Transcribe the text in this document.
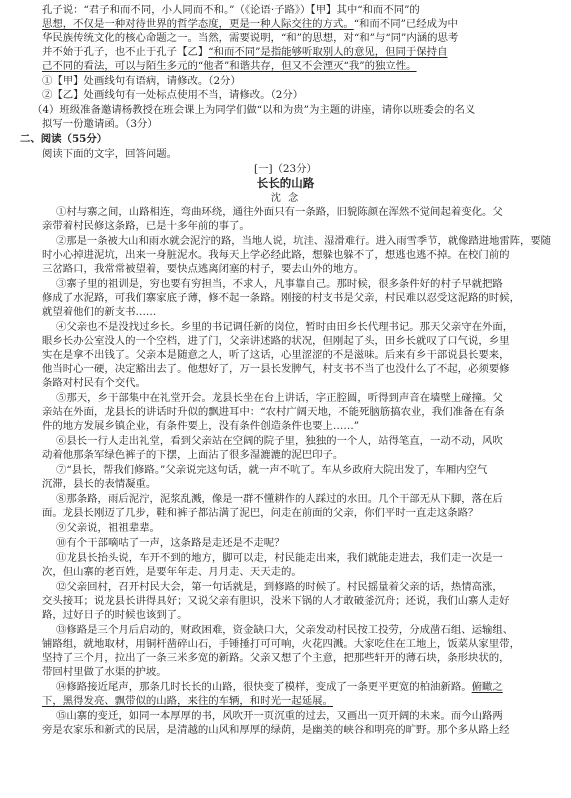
孔子说：“君子和而不同，小人同而不和。”（《论语·子路》）【甲】其中“和而不同”的
思想，不仅是一种对待世界的哲学态度，更是一种人际交往的方式。“和而不同”已经成为中
华民族传统文化的核心命题之一。当然，需要说明，“和”的思想，对“和”与“同”内涵的思考
并不始于孔子，也不止于孔子【乙】“和而不同”是指能够听取别人的意见，但同于保持自
己不同的看法，可以与陌生多元的“他者”和谐共存，但又不会湮灭“我”的独立性。
①【甲】处画线句有语病，请修改。（2分）
②【乙】处画线句有一处标点使用不当，请修改。（2分）
（4）班级准备邀请杨教授在班会课上为同学们做“以和为贵”为主题的讲座，请你以班委会的名义
拟写一份邀请函。（3分）
二、阅读（55分）
阅读下面的文字，回答问题。
[一]（23分）
长长的山路
沈 念
①村与寨之间，山路相连，弯曲环绕，通往外面只有一条路，旧貌陈颜在浑然不觉间起着变化。父
亲带着村民修这条路，已是十多年前的事了。
②那是一条被大山和雨水就会泥泞的路，当地人说，坑洼、湿滑难行。进入雨雪季节，就像踏进地雷阵，要随
时小心掉进泥坑，出来一身脏泥水。我每天上学必经此路，想躲也躲不了，想逃也逃不掉。在校门前的
三岔路口，我常常被望着，要快点逃离闭塞的村子，要去山外的地方。
③寨子里的祖训是，穷也要有穷担当，不求人，凡事靠自己。那时候，很多条件好的村子早就把路
修成了水泥路，可我们寨家底子薄，修不起一条路。刚接的村支书是父亲，村民难以忍受这泥路的时候，
就望着他们的新支书……
④父亲也不是没找过乡长。乡里的书记调任新的岗位，暂时由田乡长代理书记。那天父亲守在外面，
眼乡长办公室没人的一个空档，进了门，父亲讲述路的状况，但刚起了头，田乡长就叹了口气说，乡里
实在是拿不出钱了。父亲本是随意之人，听了这话，心里涩涩的不是滋味。后来有乡干部说县长要来，
他当时心一硬，决定豁出去了。他想好了，万一县长发脾气，村支书不当了也没什么了不起，必须要修
条路对村民有个交代。
⑤那天，乡干部集中在礼堂开会。龙县长坐在台上讲话，字正腔圆，听得到声音在墙壁上碰撞。父
亲站在外面，龙县长的讲话时升似的飘进耳中：“农村广阔天地，不能死脑筋搞农业，我们准备在有条
件的地方发展乡镇企业，有条件要上，没有条件创造条件也要上……”
⑥县长一行人走出礼堂，看到父亲站在空阔的院子里，独独的一个人，站得笔直，一动不动，风吹
动着他那条军绿色裤子的下摆，上面沾了很多湿漉漉的泥巴印子。
⑦“县长，帮我们修路。”父亲说完这句话，就一声不吭了。车从乡政府大院出发了，车厢内空气
沉滞，县长的表情凝重。
⑧那条路，雨后泥泞，泥浆乱溅，像是一群不懂耕作的人踩过的水田。几个干部无从下脚，落在后
面。龙县长刚迈了几步，鞋和裤子都沾满了泥巴，问走在前面的父亲，你们平时一直走这条路？
⑨父亲说，祖祖辈辈。
⑩有个干部嘀咕了一声，这条路是走还是不走呢？
⑪龙县长抬头说，车开不到的地方，脚可以走，村民能走出来，我们就能走进去，我们走一次是一
次，但山寨的老百姓，是要年年走、月月走、天天走的。
⑫父亲回村，召开村民大会，第一句话就是，到修路的时候了。村民摇量着父亲的话，热情高涨，
交头接耳；说龙县长讲得具好；又说父亲有胆识，没米下锅的人才敢破釜沉舟；还说，我们山寨人走好
路，过好日子的时候也该到了。
⑬修路是三个月后启动的，财政困难，资金缺口大，父亲发动村民按工投劳，分成凿石组、运输组、
铺路组，就地取材，用铜杆凿碎山石，手锤捶打可可响，火花四溅。大家吃住在工地上，饭菜从家里带，
坚持了三个月，拉出了一条三米多宽的新路。父亲又想了个主意，把那些轩开的薄石块，条形块状的，
带回村里做了水渠的护坡。
⑭修路接近尾声，那条几时长长的山路，很快变了模样，变成了一条更平更宽的柏油新路。俯瞰之
下，黑得发亮、飘带似的山路，来往的车辆，和时光一起延展。
⑮山寨的变迁，如同一本厚厚的书，风吹开一页沉重的过去，又画出一页开阔的未来。而今山路两
旁是农家乐和新式的民居，是清越的山风和厚厚的绿荫，是幽美的峡谷和明亮的旷野。那个多从路上经
